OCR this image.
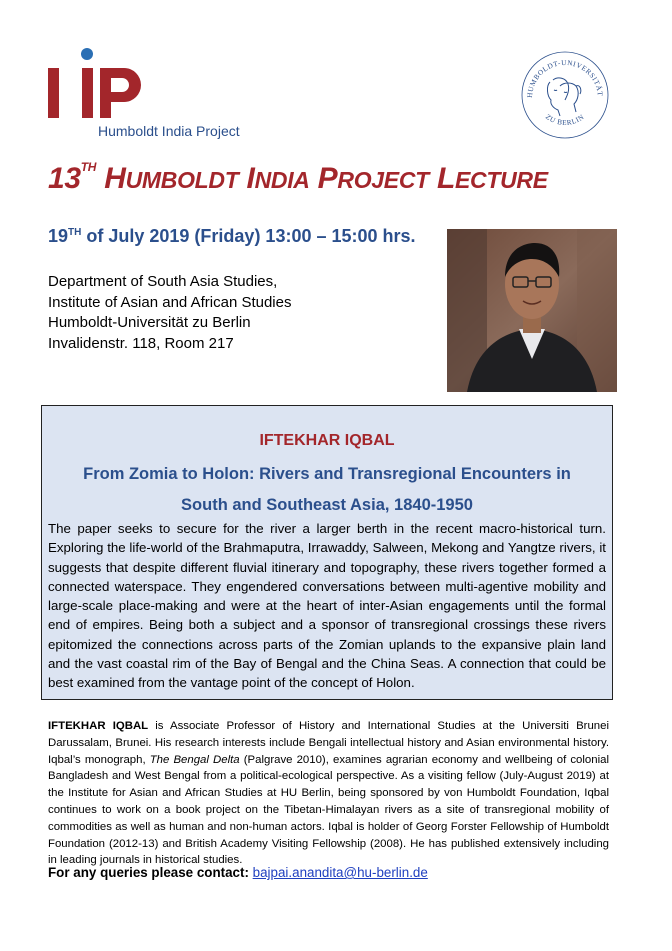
Humboldt India Project
HUMBOLDT-UNIVERSITÄT
ZU BERLIN
13TH HUMBOLDT INDIA PROJECT LECTURE
19TH of July 2019 (Friday) 13:00 – 15:00 hrs.
Department of South Asia Studies,
Institute of Asian and African Studies
Humboldt-Universität zu Berlin
Invalidenstr. 118, Room 217
IFTEKHAR IQBAL
From Zomia to Holon: Rivers and Transregional Encounters in
South and Southeast Asia, 1840-1950

The paper seeks to secure for the river a larger berth in the recent macro-historical turn. Exploring the life-world of the Brahmaputra, Irrawaddy, Salween, Mekong and Yangtze rivers, it suggests that despite different fluvial itinerary and topography, these rivers together formed a connected waterspace. They engendered conversations between multi-agentive mobility and large-scale place-making and were at the heart of inter-Asian engagements until the formal end of empires. Being both a subject and a sponsor of transregional crossings these rivers epitomized the connections across parts of the Zomian uplands to the expansive plain land and the vast coastal rim of the Bay of Bengal and the China Seas. A connection that could be best examined from the vantage point of the concept of Holon.

IFTEKHAR IQBAL is Associate Professor of History and International Studies at the Universiti Brunei Darussalam, Brunei. His research interests include Bengali intellectual history and Asian environmental history. Iqbal’s monograph, The Bengal Delta (Palgrave 2010), examines agrarian economy and wellbeing of colonial Bangladesh and West Bengal from a political-ecological perspective. As a visiting fellow (July-August 2019) at the Institute for Asian and African Studies at HU Berlin, being sponsored by von Humboldt Foundation, Iqbal continues to work on a book project on the Tibetan-Himalayan rivers as a site of transregional mobility of commodities as well as human and non-human actors. Iqbal is holder of Georg Forster Fellowship of Humboldt Foundation (2012-13) and British Academy Visiting Fellowship (2008). He has published extensively including in leading journals in historical studies.

For any queries please contact: bajpai.anandita@hu-berlin.de
